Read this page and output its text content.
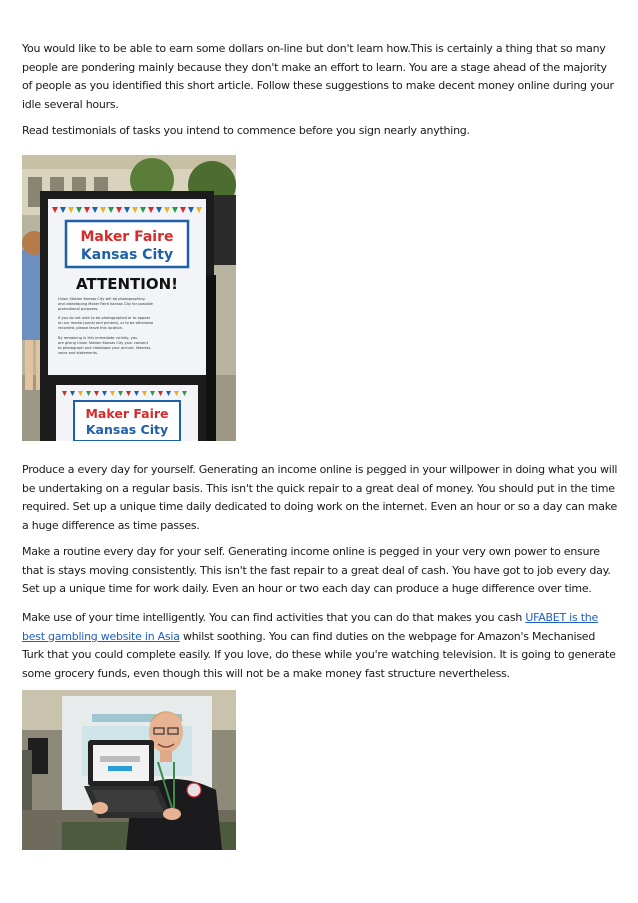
You would like to be able to earn some dollars on-line but don't learn how.This is certainly a thing that so many people are pondering mainly because they don't make an effort to learn. You are a stage ahead of the majority of people as you identified this short article. Follow these suggestions to make decent money online during your idle several hours.

Read testimonials of tasks you intend to commence before you sign nearly anything.

Maker Faire
Kansas City
ATTENTION!
Union Station Kansas City will be photographing
and videotaping Maker Faire Kansas City for possible
promotional purposes.
If you do not wish to be photographed or to appear
on our media (social and printed), or to be otherwise
recorded, please leave this location.
By remaining in this immediate vicinity, you
are giving Union Station Kansas City your consent
to photograph and videotape your picture, likeness,
voice and statements.
Maker Faire
Kansas City

Produce a every day for yourself. Generating an income online is pegged in your willpower in doing what you will be undertaking on a regular basis. This isn't the quick repair to a great deal of money. You should put in the time required. Set up a unique time daily dedicated to doing work on the internet. Even an hour or so a day can make a huge difference as time passes.

Make a routine every day for your self. Generating income online is pegged in your very own power to ensure that is stays moving consistently. This isn't the fast repair to a great deal of cash. You have got to job every day. Set up a unique time for work daily. Even an hour or two each day can produce a huge difference over time.

Make use of your time intelligently. You can find activities that you can do that makes you cash UFABET is the best gambling website in Asia whilst soothing. You can find duties on the webpage for Amazon's Mechanised Turk that you could complete easily. If you love, do these while you're watching television. It is going to generate some grocery funds, even though this will not be a make money fast structure nevertheless.
